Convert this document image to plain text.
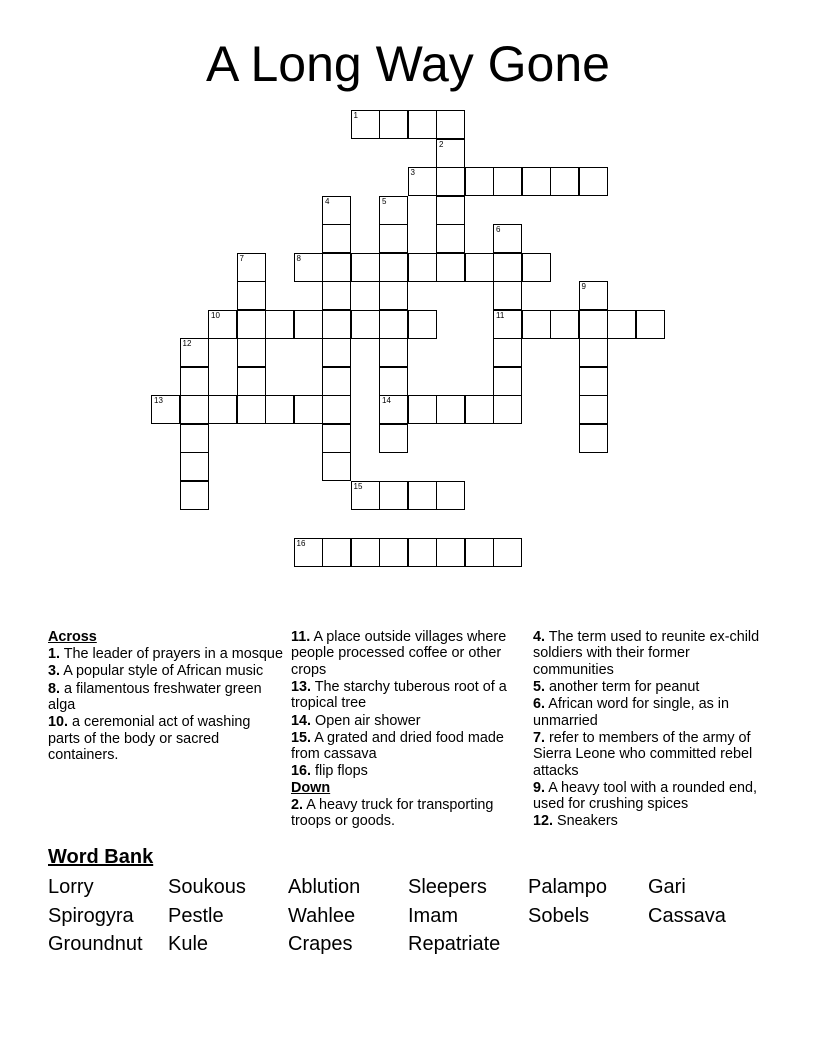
A Long Way Gone
1
2
3
4	5
14
6
11
7	8
9
10
12
13
15
16
Across
1. The leader of prayers in a mosque
3. A popular style of African music
8. a filamentous freshwater green alga
10. a ceremonial act of washing parts of the body or sacred containers.
11. A place outside villages where people processed coffee or other crops
13. The starchy tuberous root of a tropical tree
14. Open air shower
15. A grated and dried food made from cassava
16. flip flops
Down
2. A heavy truck for transporting troops or goods.
4. The term used to reunite ex-child soldiers with their former communities
5. another term for peanut
6. African word for single, as in unmarried
7. refer to members of the army of Sierra Leone who committed rebel attacks
9. A heavy tool with a rounded end, used for crushing spices
12. Sneakers
Word Bank
Lorry	Soukous	Ablution	Sleepers	Palampo	Gari
Spirogyra	Pestle	Wahlee	Imam	Sobels	Cassava
Groundnut	Kule	Crapes	Repatriate
